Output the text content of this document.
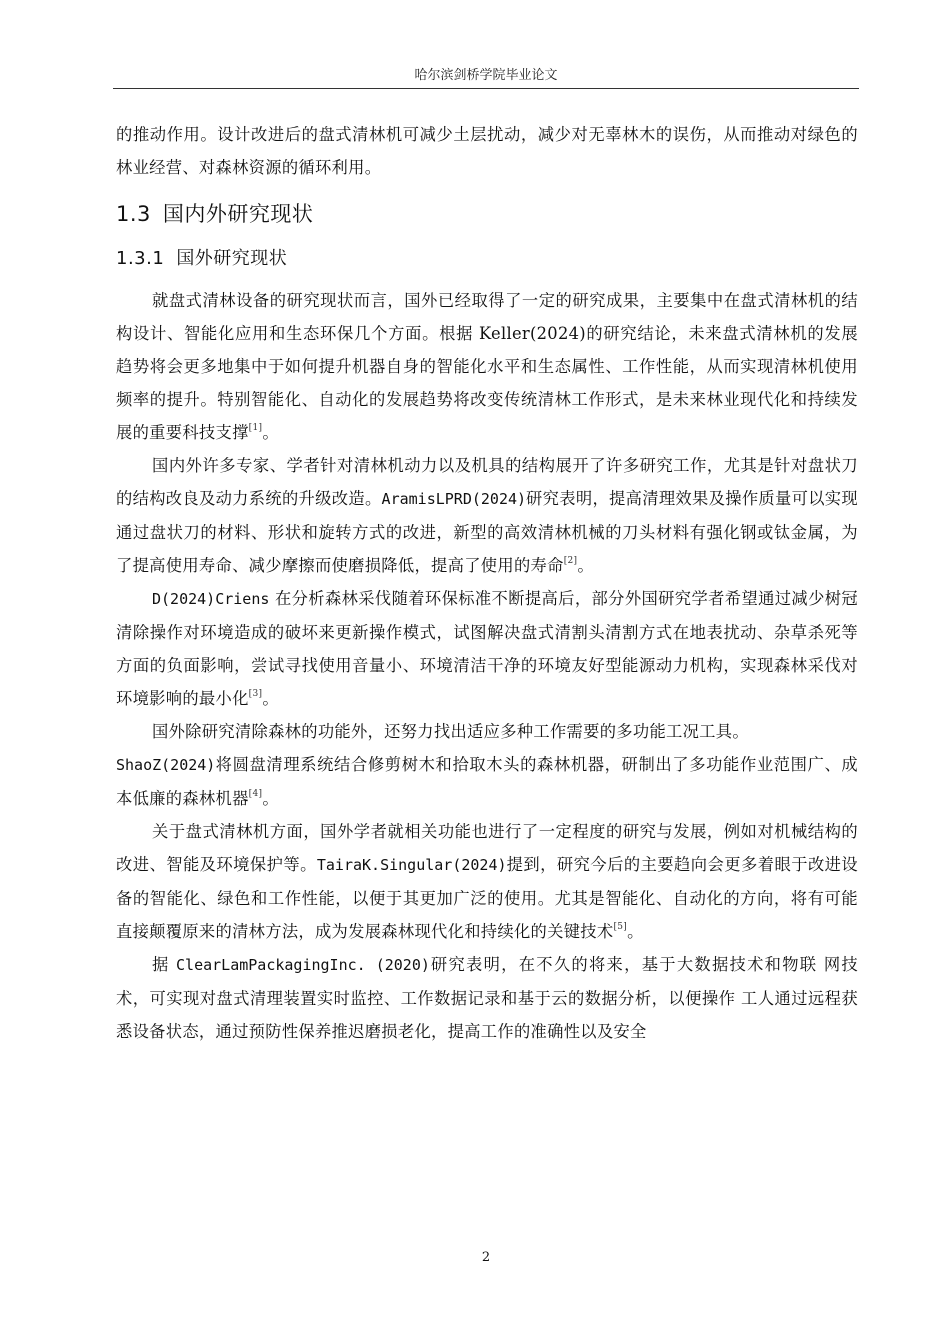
哈尔滨剑桥学院毕业论文

的推动作用。设计改进后的盘式清林机可减少土层扰动，减少对无辜林木的误伤，从而推动对绿色的林业经营、对森林资源的循环利用。

1.3 国内外研究现状
1.3.1 国外研究现状

就盘式清林设备的研究现状而言，国外已经取得了一定的研究成果，主要集中在盘式清林机的结构设计、智能化应用和生态环保几个方面。根据 Keller(2024)的研究结论，未来盘式清林机的发展趋势将会更多地集中于如何提升机器自身的智能化水平和生态属性、工作性能，从而实现清林机使用频率的提升。特别智能化、自动化的发展趋势将改变传统清林工作形式，是未来林业现代化和持续发展的重要科技支撑[1]。

国内外许多专家、学者针对清林机动力以及机具的结构展开了许多研究工作，尤其是针对盘状刀的结构改良及动力系统的升级改造。AramisLPRD(2024)研究表明，提高清理效果及操作质量可以实现通过盘状刀的材料、形状和旋转方式的改进，新型的高效清林机械的刀头材料有强化钢或钛金属，为了提高使用寿命、减少摩擦而使磨损降低，提高了使用的寿命[2]。

D(2024)Criens 在分析森林采伐随着环保标准不断提高后，部分外国研究学者希望通过减少树冠清除操作对环境造成的破坏来更新操作模式，试图解决盘式清割头清割方式在地表扰动、杂草杀死等方面的负面影响，尝试寻找使用音量小、环境清洁干净的环境友好型能源动力机构，实现森林采伐对环境影响的最小化[3]。

国外除研究清除森林的功能外，还努力找出适应多种工作需要的多功能工况工具。

ShaoZ(2024)将圆盘清理系统结合修剪树木和拾取木头的森林机器，研制出了多功能作业范围广、成本低廉的森林机器[4]。

关于盘式清林机方面，国外学者就相关功能也进行了一定程度的研究与发展，例如对机械结构的改进、智能及环境保护等。TairaK.Singular(2024)提到，研究今后的主要趋向会更多着眼于改进设备的智能化、绿色和工作性能，以便于其更加广泛的使用。尤其是智能化、自动化的方向，将有可能直接颠覆原来的清林方法，成为发展森林现代化和持续化的关键技术[5]。

据 ClearLamPackagingInc. (2020)研究表明，在不久的将来，基于大数据技术和物联 网技术，可实现对盘式清理装置实时监控、工作数据记录和基于云的数据分析，以便操作 工人通过远程获悉设备状态，通过预防性保养推迟磨损老化，提高工作的准确性以及安全

2
